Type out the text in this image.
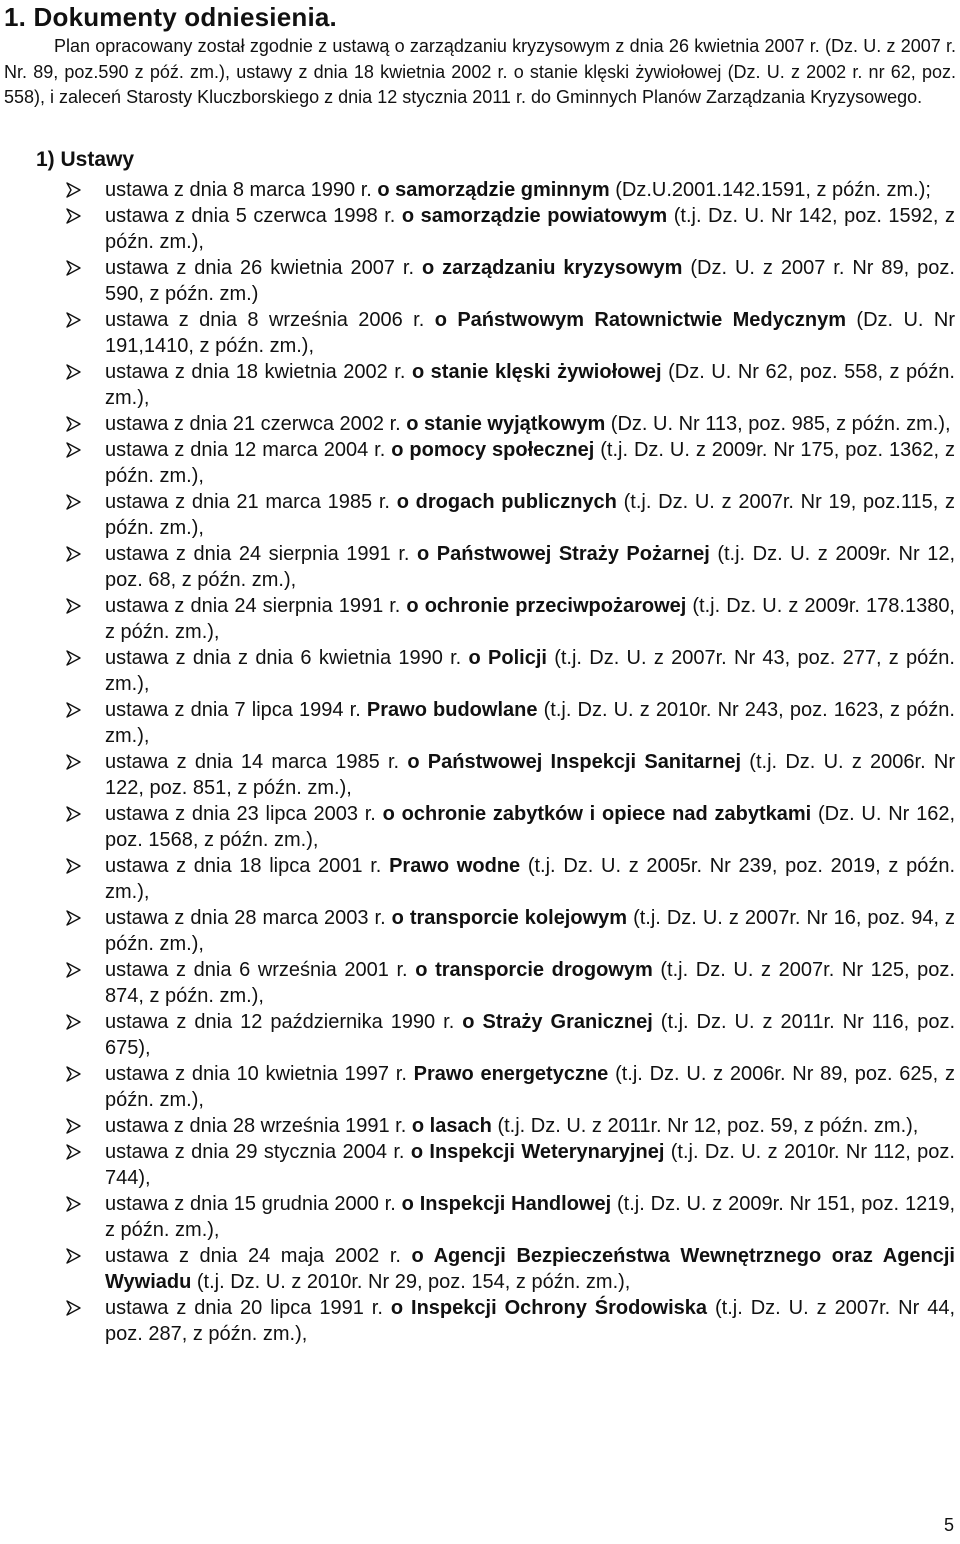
1. Dokumenty odniesienia.

Plan opracowany został zgodnie z ustawą o zarządzaniu kryzysowym z dnia 26 kwietnia 2007 r. (Dz. U. z 2007 r. Nr. 89, poz.590 z póź. zm.), ustawy z dnia 18 kwietnia 2002 r. o stanie klęski żywiołowej (Dz. U. z 2002 r. nr 62, poz. 558), i zaleceń Starosty Kluczborskiego z dnia 12 stycznia 2011 r. do Gminnych Planów Zarządzania Kryzysowego.

1) Ustawy
ustawa z dnia 8 marca 1990 r. o samorządzie gminnym (Dz.U.2001.142.1591, z późn. zm.);
ustawa z dnia 5 czerwca 1998 r. o samorządzie powiatowym (t.j. Dz. U. Nr 142, poz. 1592, z późn. zm.),
ustawa z dnia 26 kwietnia 2007 r. o zarządzaniu kryzysowym (Dz. U. z 2007 r. Nr 89, poz. 590, z późn. zm.)
ustawa z dnia 8 września 2006 r. o Państwowym Ratownictwie Medycznym (Dz. U. Nr 191,1410, z późn. zm.),
ustawa z dnia 18 kwietnia 2002 r. o stanie klęski żywiołowej (Dz. U. Nr 62, poz. 558, z późn. zm.),
ustawa z dnia 21 czerwca 2002 r. o stanie wyjątkowym (Dz. U. Nr 113, poz. 985, z późn. zm.),
ustawa z dnia 12 marca 2004 r. o pomocy społecznej (t.j. Dz. U. z 2009r. Nr 175, poz. 1362, z późn. zm.),
ustawa z dnia 21 marca 1985 r. o drogach publicznych (t.j. Dz. U. z 2007r. Nr 19, poz.115, z późn. zm.),
ustawa z dnia 24 sierpnia 1991 r. o Państwowej Straży Pożarnej (t.j. Dz. U. z 2009r. Nr 12, poz. 68, z późn. zm.),
ustawa z dnia 24 sierpnia 1991 r. o ochronie przeciwpożarowej (t.j. Dz. U. z 2009r. 178.1380, z późn. zm.),
ustawa z dnia z dnia 6 kwietnia 1990 r. o Policji (t.j. Dz. U. z 2007r. Nr 43, poz. 277, z późn. zm.),
ustawa z dnia 7 lipca 1994 r. Prawo budowlane (t.j. Dz. U. z 2010r. Nr 243, poz. 1623, z późn. zm.),
ustawa z dnia 14 marca 1985 r. o Państwowej Inspekcji Sanitarnej (t.j. Dz. U. z 2006r. Nr 122, poz. 851, z późn. zm.),
ustawa z dnia 23 lipca 2003 r. o ochronie zabytków i opiece nad zabytkami (Dz. U. Nr 162, poz. 1568, z późn. zm.),
ustawa z dnia 18 lipca 2001 r. Prawo wodne (t.j. Dz. U. z 2005r. Nr 239, poz. 2019, z późn. zm.),
ustawa z dnia 28 marca 2003 r. o transporcie kolejowym (t.j. Dz. U. z 2007r. Nr 16, poz. 94, z późn. zm.),
ustawa z dnia 6 września 2001 r. o transporcie drogowym (t.j. Dz. U. z 2007r. Nr 125, poz. 874, z późn. zm.),
ustawa z dnia 12 października 1990 r. o Straży Granicznej (t.j. Dz. U. z 2011r. Nr 116, poz. 675),
ustawa z dnia 10 kwietnia 1997 r. Prawo energetyczne (t.j. Dz. U. z 2006r. Nr 89, poz. 625, z późn. zm.),
ustawa z dnia 28 września 1991 r. o lasach (t.j. Dz. U. z 2011r. Nr 12, poz. 59, z późn. zm.),
ustawa z dnia 29 stycznia 2004 r. o Inspekcji Weterynaryjnej (t.j. Dz. U. z 2010r. Nr 112, poz. 744),
ustawa z dnia 15 grudnia 2000 r. o Inspekcji Handlowej (t.j. Dz. U. z 2009r. Nr 151, poz. 1219, z późn. zm.),
ustawa z dnia 24 maja 2002 r. o Agencji Bezpieczeństwa Wewnętrznego oraz Agencji Wywiadu (t.j. Dz. U. z 2010r. Nr 29, poz. 154, z późn. zm.),
ustawa z dnia 20 lipca 1991 r. o Inspekcji Ochrony Środowiska (t.j. Dz. U. z 2007r. Nr 44, poz. 287, z późn. zm.),
5
